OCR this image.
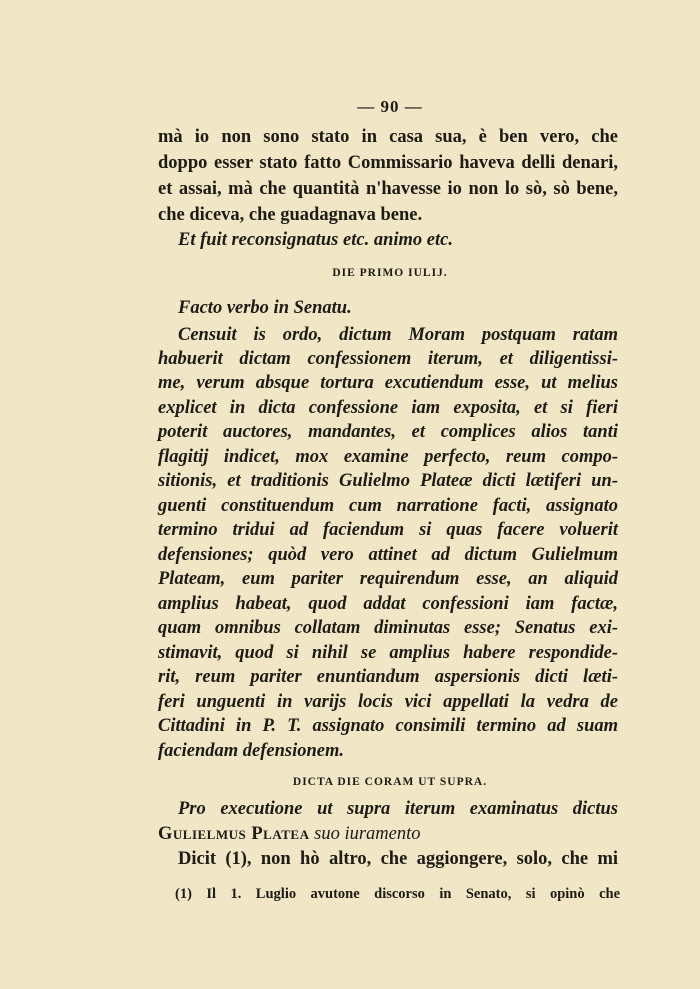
— 90 —
mà io non sono stato in casa sua, è ben vero, che
doppo esser stato fatto Commissario haveva delli denari,
et assai, mà che quantità n'havesse io non lo sò, sò bene,
che diceva, che guadagnava bene.
Et fuit reconsignatus etc. animo etc.
DIE PRIMO IULIJ.
Facto verbo in Senatu.
Censuit is ordo, dictum Moram postquam ratam
habuerit dictam confessionem iterum, et diligentissi-
me, verum absque tortura excutiendum esse, ut melius
explicet in dicta confessione iam exposita, et si fieri
poterit auctores, mandantes, et complices alios tanti
flagitij indicet, mox examine perfecto, reum compo-
sitionis, et traditionis Gulielmo Plateæ dicti lætiferi un-
guenti constituendum cum narratione facti, assignato
termino tridui ad faciendum si quas facere voluerit
defensiones; quòd vero attinet ad dictum Gulielmum
Plateam, eum pariter requirendum esse, an aliquid
amplius habeat, quod addat confessioni iam factæ,
quam omnibus collatam diminutas esse; Senatus exi-
stimavit, quod si nihil se amplius habere respondide-
rit, reum pariter enuntiandum aspersionis dicti læti-
feri unguenti in varijs locis vici appellati la vedra de
Cittadini in P. T. assignato consimili termino ad suam
faciendam defensionem.
DICTA DIE CORAM UT SUPRA.
Pro executione ut supra iterum examinatus dictus
Gulielmus Platea suo iuramento
Dicit (1), non hò altro, che aggiongere, solo, che mi
(1) Il 1. Luglio avutone discorso in Senato, si opinò che
